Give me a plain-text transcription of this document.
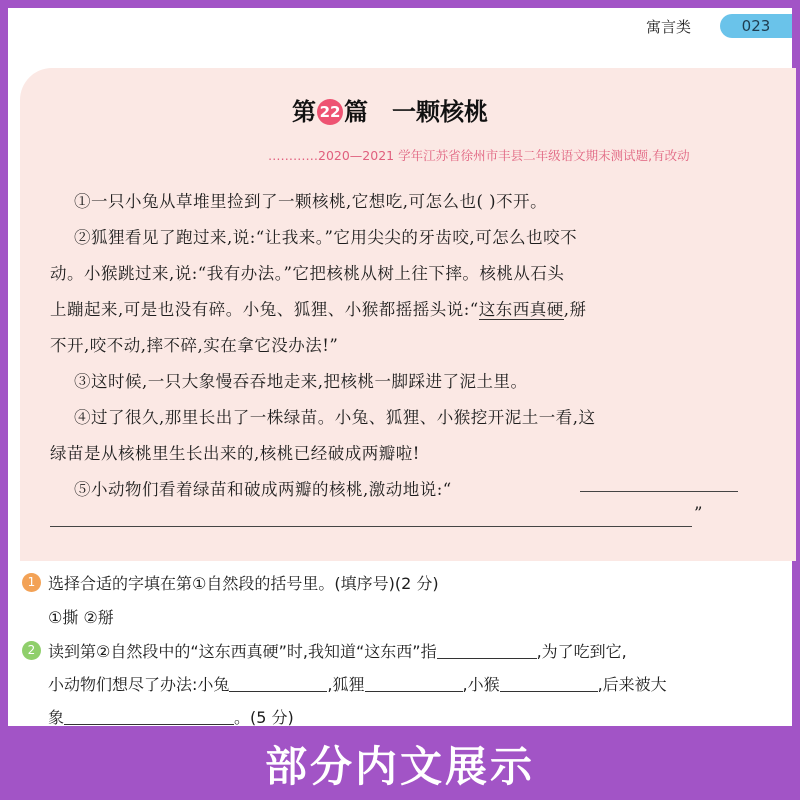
寓言类	023
第 22 篇 一颗核桃
…………2020—2021 学年江苏省徐州市丰县二年级语文期末测试题,有改动
①一只小兔从草堆里捡到了一颗核桃,它想吃,可怎么也( )不开。
②狐狸看见了跑过来,说:“让我来。”它用尖尖的牙齿咬,可怎么也咬不
动。小猴跳过来,说:“我有办法。”它把核桃从树上往下摔。核桃从石头
上蹦起来,可是也没有碎。小兔、狐狸、小猴都摇摇头说:“这东西真硬,掰
不开,咬不动,摔不碎,实在拿它没办法!”
③这时候,一只大象慢吞吞地走来,把核桃一脚踩进了泥土里。
④过了很久,那里长出了一株绿苗。小兔、狐狸、小猴挖开泥土一看,这
绿苗是从核桃里生长出来的,核桃已经破成两瓣啦!
⑤小动物们看着绿苗和破成两瓣的核桃,激动地说:“
”
1 选择合适的字填在第①自然段的括号里。(填序号)(2 分)
①撕 ②掰
2 读到第②自然段中的“这东西真硬”时,我知道“这东西”指	,为了吃到它,
小动物们想尽了办法:小兔	,狐狸	,小猴	,后来被大
象	。(5 分)
部分内文展示
